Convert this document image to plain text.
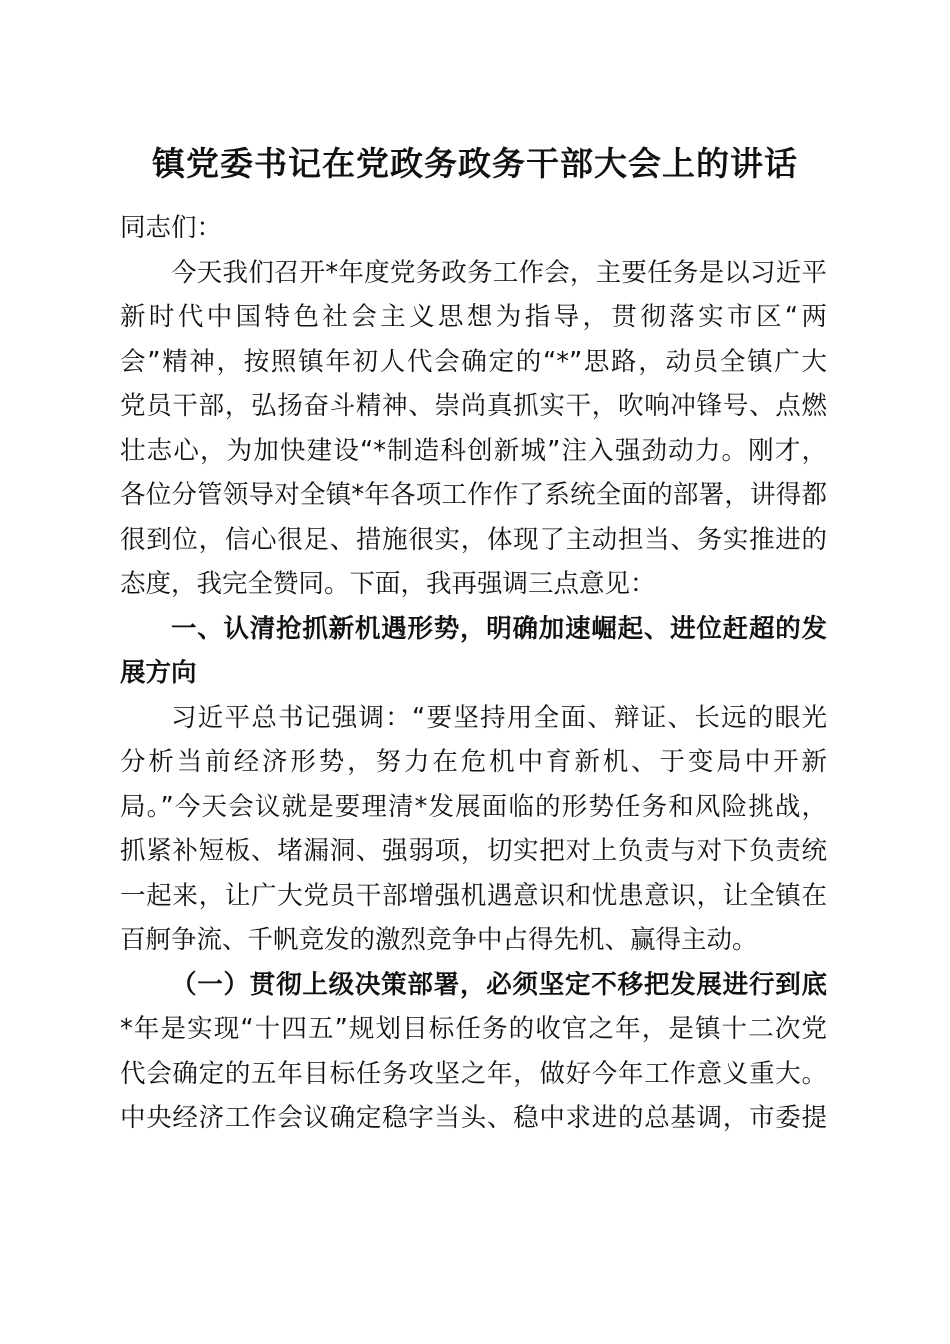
镇党委书记在党政务政务干部大会上的讲话
同志们：
今天我们召开*年度党务政务工作会，主要任务是以习近平
新时代中国特色社会主义思想为指导，贯彻落实市区“两
会”精神，按照镇年初人代会确定的“*”思路，动员全镇广大
党员干部，弘扬奋斗精神、崇尚真抓实干，吹响冲锋号、点燃
壮志心，为加快建设“*制造科创新城”注入强劲动力。刚才，
各位分管领导对全镇*年各项工作作了系统全面的部署，讲得都
很到位，信心很足、措施很实，体现了主动担当、务实推进的
态度，我完全赞同。下面，我再强调三点意见：
一、认清抢抓新机遇形势，明确加速崛起、进位赶超的发
展方向
习近平总书记强调：“要坚持用全面、辩证、长远的眼光
分析当前经济形势，努力在危机中育新机、于变局中开新
局。”今天会议就是要理清*发展面临的形势任务和风险挑战，
抓紧补短板、堵漏洞、强弱项，切实把对上负责与对下负责统
一起来，让广大党员干部增强机遇意识和忧患意识，让全镇在
百舸争流、千帆竞发的激烈竞争中占得先机、赢得主动。
（一）贯彻上级决策部署，必须坚定不移把发展进行到底
*年是实现“十四五”规划目标任务的收官之年，是镇十二次党
代会确定的五年目标任务攻坚之年，做好今年工作意义重大。
中央经济工作会议确定稳字当头、稳中求进的总基调，市委提
